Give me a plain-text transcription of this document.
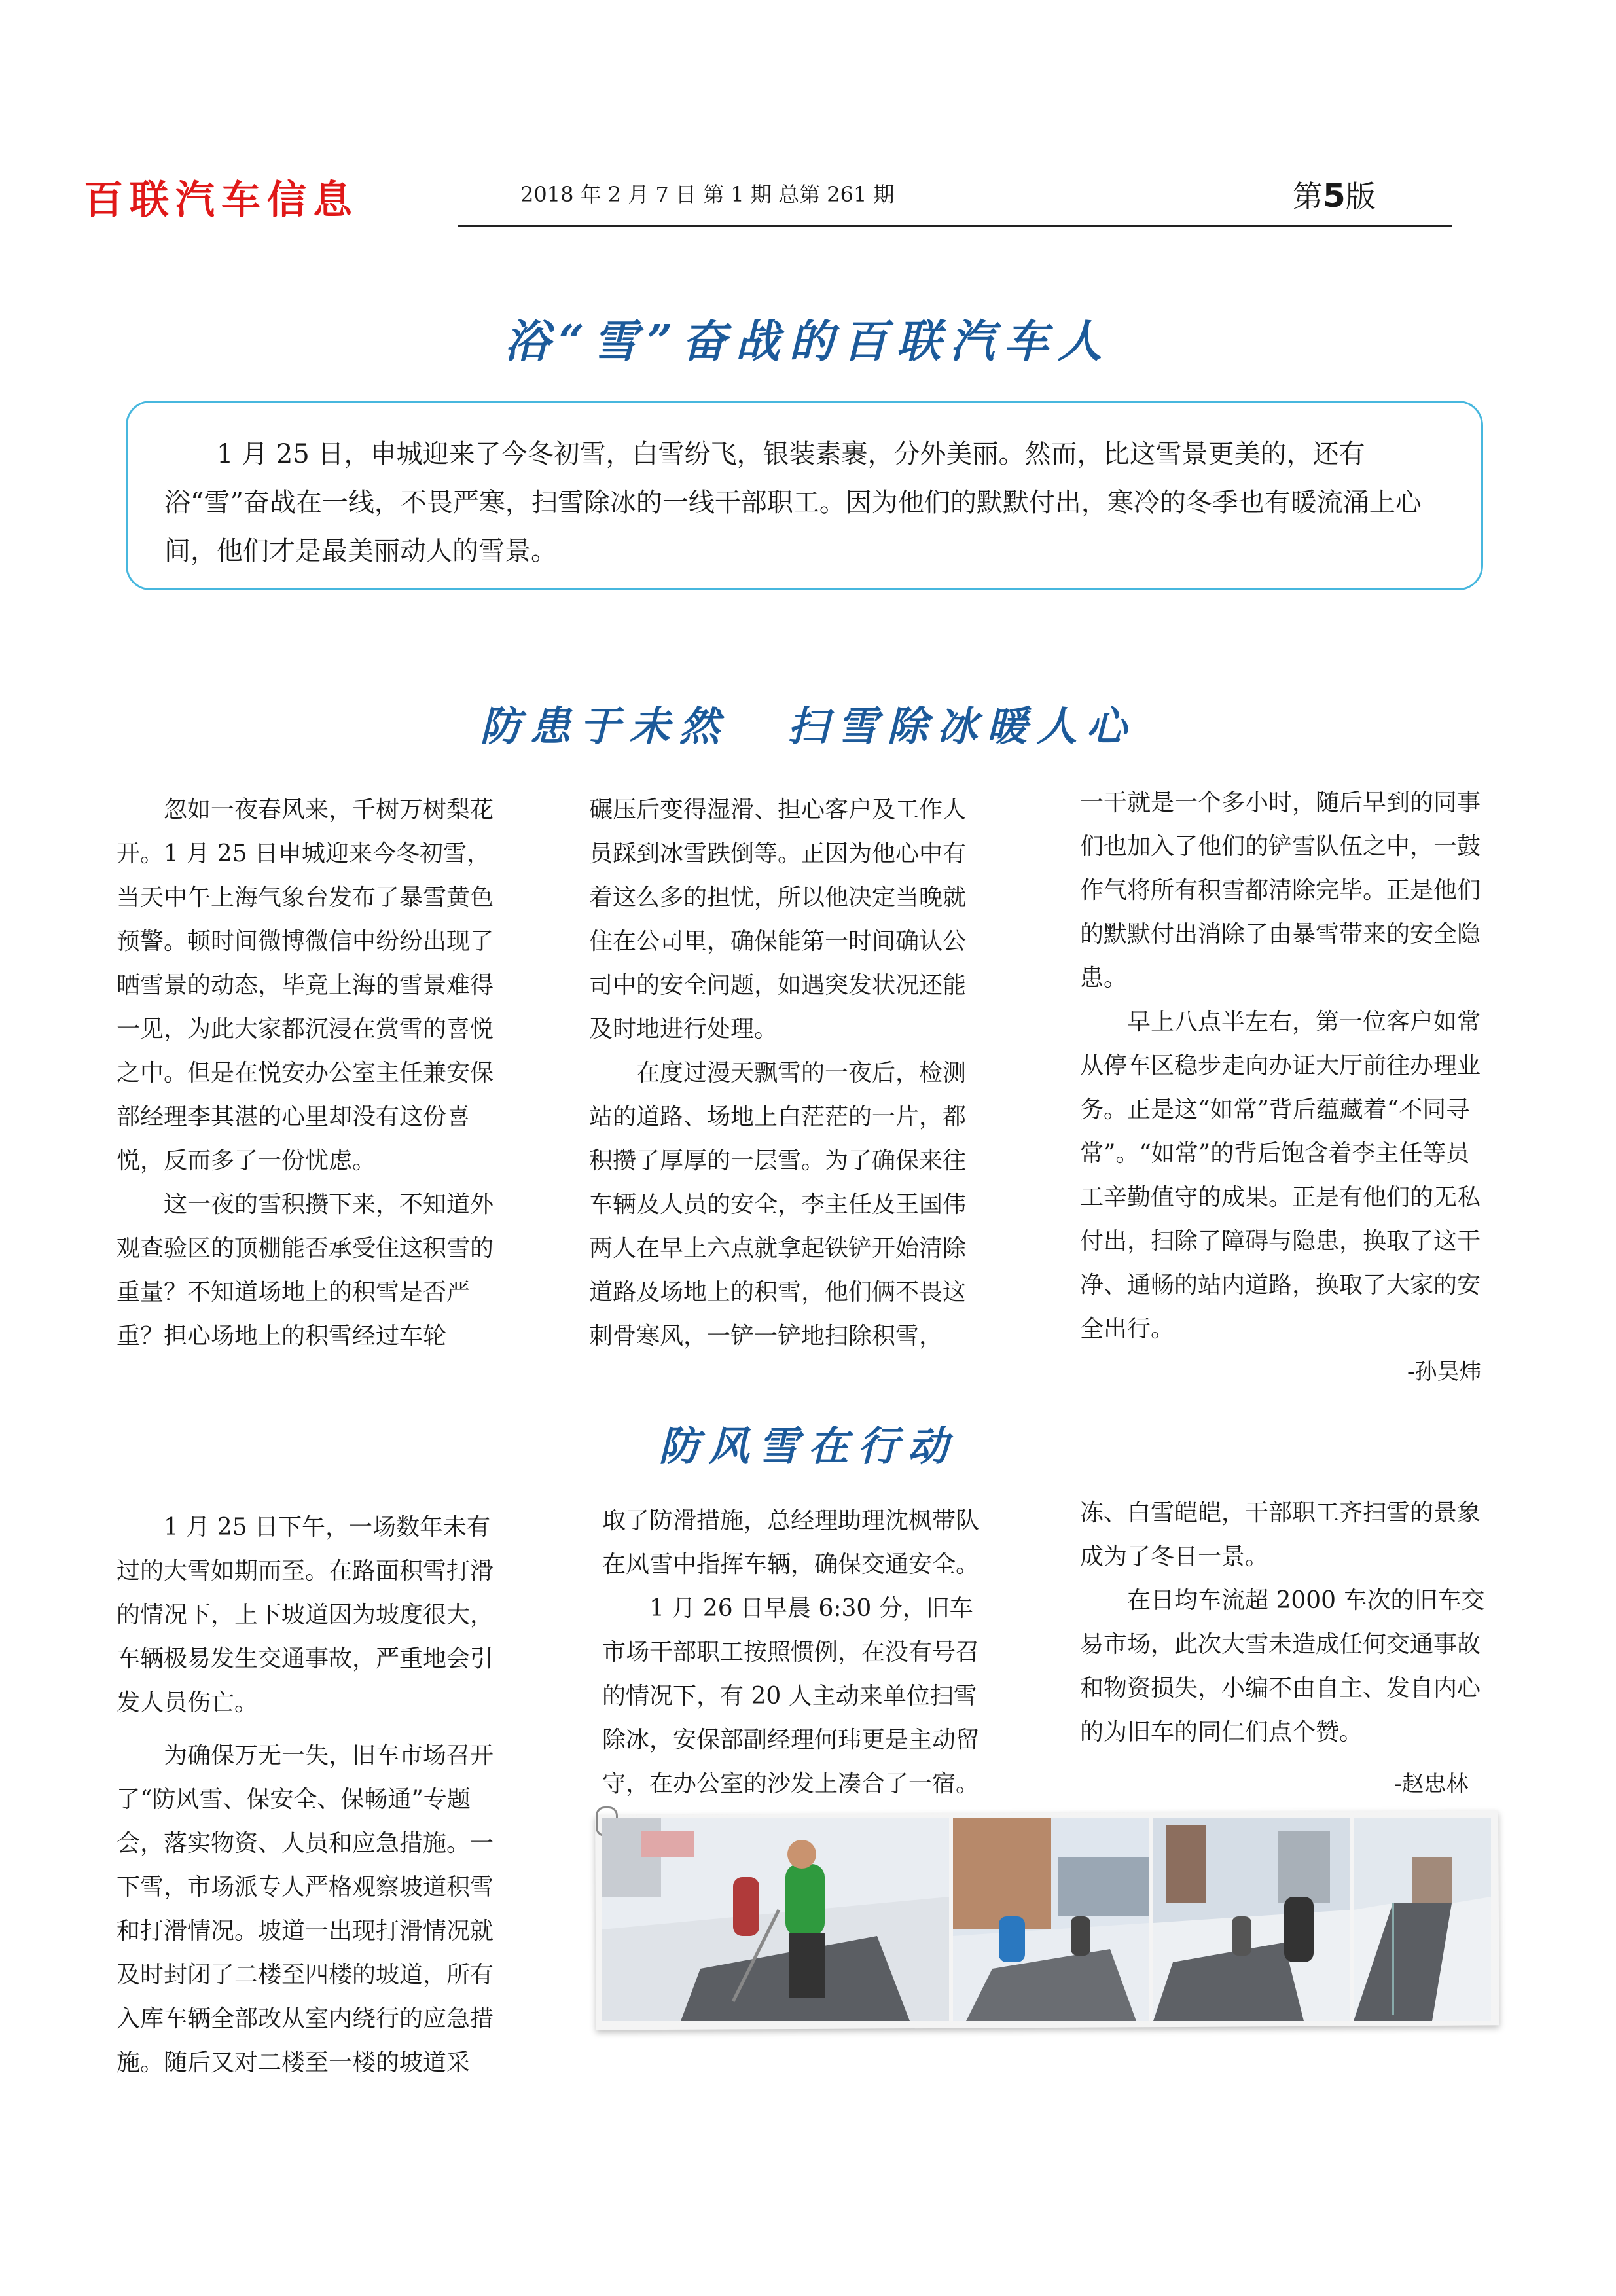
百联汽车信息	2018 年 2 月 7 日 第 1 期 总第 261 期	第5版
浴“雪”奋战的百联汽车人
1 月 25 日，申城迎来了今冬初雪，白雪纷飞，银装素裹，分外美丽。然而，比这雪景更美的，还有浴“雪”奋战在一线，不畏严寒，扫雪除冰的一线干部职工。因为他们的默默付出，寒冷的冬季也有暖流涌上心间，他们才是最美丽动人的雪景。
防患于未然 扫雪除冰暖人心

忽如一夜春风来，千树万树梨花开。1 月 25 日申城迎来今冬初雪，当天中午上海气象台发布了暴雪黄色预警。顿时间微博微信中纷纷出现了晒雪景的动态，毕竟上海的雪景难得一见，为此大家都沉浸在赏雪的喜悦之中。但是在悦安办公室主任兼安保部经理李其湛的心里却没有这份喜悦，反而多了一份忧虑。

这一夜的雪积攒下来，不知道外观查验区的顶棚能否承受住这积雪的重量？不知道场地上的积雪是否严重？担心场地上的积雪经过车轮

碾压后变得湿滑、担心客户及工作人员踩到冰雪跌倒等。正因为他心中有着这么多的担忧，所以他决定当晚就住在公司里，确保能第一时间确认公司中的安全问题，如遇突发状况还能及时地进行处理。

在度过漫天飘雪的一夜后，检测站的道路、场地上白茫茫的一片，都积攒了厚厚的一层雪。为了确保来往车辆及人员的安全，李主任及王国伟两人在早上六点就拿起铁铲开始清除道路及场地上的积雪，他们俩不畏这刺骨寒风，一铲一铲地扫除积雪，

一干就是一个多小时，随后早到的同事们也加入了他们的铲雪队伍之中，一鼓作气将所有积雪都清除完毕。正是他们的默默付出消除了由暴雪带来的安全隐患。

早上八点半左右，第一位客户如常从停车区稳步走向办证大厅前往办理业务。正是这“如常”背后蕴藏着“不同寻常”。“如常”的背后饱含着李主任等员工辛勤值守的成果。正是有他们的无私付出，扫除了障碍与隐患，换取了这干净、通畅的站内道路，换取了大家的安全出行。

-孙昊炜
防风雪在行动

1 月 25 日下午，一场数年未有过的大雪如期而至。在路面积雪打滑的情况下，上下坡道因为坡度很大，车辆极易发生交通事故，严重地会引发人员伤亡。

为确保万无一失，旧车市场召开了“防风雪、保安全、保畅通”专题会，落实物资、人员和应急措施。一下雪，市场派专人严格观察坡道积雪和打滑情况。坡道一出现打滑情况就及时封闭了二楼至四楼的坡道，所有入库车辆全部改从室内绕行的应急措施。随后又对二楼至一楼的坡道采

取了防滑措施，总经理助理沈枫带队在风雪中指挥车辆，确保交通安全。

1 月 26 日早晨 6:30 分，旧车市场干部职工按照惯例，在没有号召的情况下，有 20 人主动来单位扫雪除冰，安保部副经理何玮更是主动留守，在办公室的沙发上凑合了一宿。

冻、白雪皑皑，干部职工齐扫雪的景象成为了冬日一景。

在日均车流超 2000 车次的旧车交易市场，此次大雪未造成任何交通事故和物资损失，小编不由自主、发自内心的为旧车的同仁们点个赞。

-赵忠林
